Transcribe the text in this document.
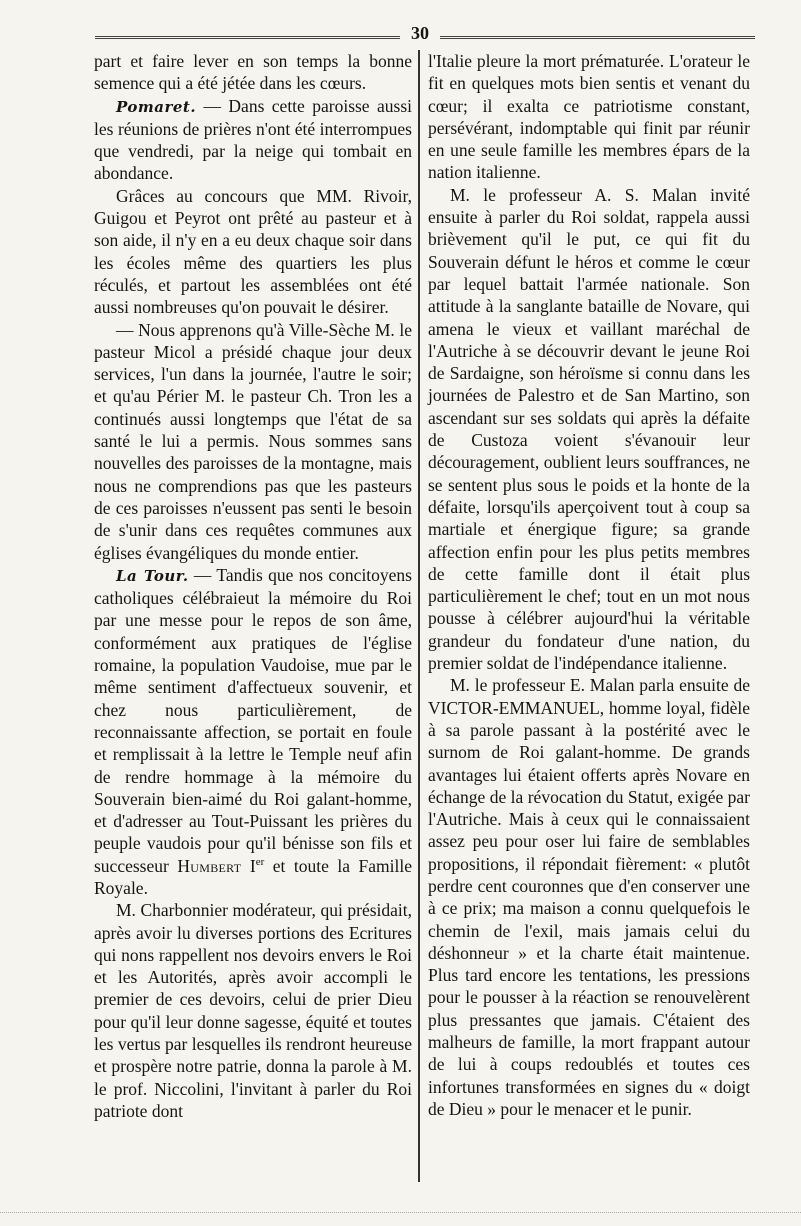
30

part et faire lever en son temps la bonne semence qui a été jétée dans les cœurs.

Pomaret. — Dans cette paroisse aussi les réunions de prières n'ont été interrompues que vendredi, par la neige qui tombait en abondance.

Grâces au concours que MM. Rivoir, Guigou et Peyrot ont prêté au pasteur et à son aide, il n'y en a eu deux chaque soir dans les écoles même des quartiers les plus réculés, et partout les assemblées ont été aussi nombreuses qu'on pouvait le désirer.

— Nous apprenons qu'à Ville-Sèche M. le pasteur Micol a présidé chaque jour deux services, l'un dans la journée, l'autre le soir; et qu'au Périer M. le pasteur Ch. Tron les a continués aussi longtemps que l'état de sa santé le lui a permis. Nous sommes sans nouvelles des paroisses de la montagne, mais nous ne comprendions pas que les pasteurs de ces paroisses n'eussent pas senti le besoin de s'unir dans ces requêtes communes aux églises évangéliques du monde entier.

La Tour. — Tandis que nos concitoyens catholiques célébraieut la mémoire du Roi par une messe pour le repos de son âme, conformément aux pratiques de l'église romaine, la population Vaudoise, mue par le même sentiment d'affectueux souvenir, et chez nous particulièrement, de reconnaissante affection, se portait en foule et remplissait à la lettre le Temple neuf afin de rendre hommage à la mémoire du Souverain bien-aimé du Roi galant-homme, et d'adresser au Tout-Puissant les prières du peuple vaudois pour qu'il bénisse son fils et successeur Humbert Ier et toute la Famille Royale.

M. Charbonnier modérateur, qui présidait, après avoir lu diverses portions des Ecritures qui nons rappellent nos devoirs envers le Roi et les Autorités, après avoir accompli le premier de ces devoirs, celui de prier Dieu pour qu'il leur donne sagesse, équité et toutes les vertus par lesquelles ils rendront heureuse et prospère notre patrie, donna la parole à M. le prof. Niccolini, l'invitant à parler du Roi patriote dont

l'Italie pleure la mort prématurée. L'orateur le fit en quelques mots bien sentis et venant du cœur; il exalta ce patriotisme constant, persévérant, indomptable qui finit par réunir en une seule famille les membres épars de la nation italienne.

M. le professeur A. S. Malan invité ensuite à parler du Roi soldat, rappela aussi brièvement qu'il le put, ce qui fit du Souverain défunt le héros et comme le cœur par lequel battait l'armée nationale. Son attitude à la sanglante bataille de Novare, qui amena le vieux et vaillant maréchal de l'Autriche à se découvrir devant le jeune Roi de Sardaigne, son héroïsme si connu dans les journées de Palestro et de San Martino, son ascendant sur ses soldats qui après la défaite de Custoza voient s'évanouir leur découragement, oublient leurs souffrances, ne se sentent plus sous le poids et la honte de la défaite, lorsqu'ils aperçoivent tout à coup sa martiale et énergique figure; sa grande affection enfin pour les plus petits membres de cette famille dont il était plus particulièrement le chef; tout en un mot nous pousse à célébrer aujourd'hui la véritable grandeur du fondateur d'une nation, du premier soldat de l'indépendance italienne.

M. le professeur E. Malan parla ensuite de VICTOR-EMMANUEL, homme loyal, fidèle à sa parole passant à la postérité avec le surnom de Roi galant-homme. De grands avantages lui étaient offerts après Novare en échange de la révocation du Statut, exigée par l'Autriche. Mais à ceux qui le connaissaient assez peu pour oser lui faire de semblables propositions, il répondait fièrement: « plutôt perdre cent couronnes que d'en conserver une à ce prix; ma maison a connu quelquefois le chemin de l'exil, mais jamais celui du déshonneur » et la charte était maintenue. Plus tard encore les tentations, les pressions pour le pousser à la réaction se renouvelèrent plus pressantes que jamais. C'étaient des malheurs de famille, la mort frappant autour de lui à coups redoublés et toutes ces infortunes transformées en signes du « doigt de Dieu » pour le menacer et le punir.
